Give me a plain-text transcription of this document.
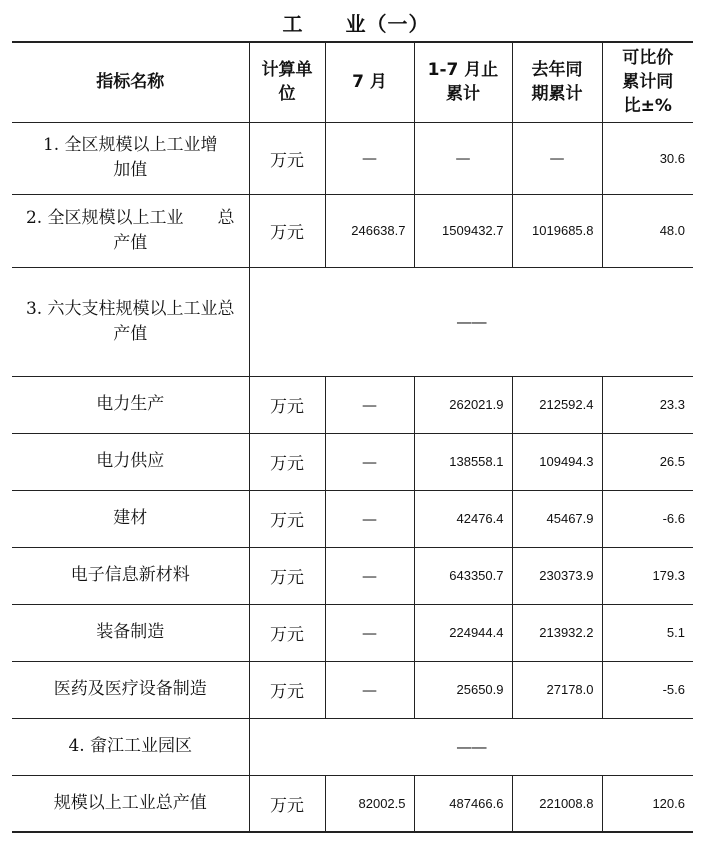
工　　业（一）
指标名称	计算单位	7 月	1-7 月止累计	去年同期累计	可比价累计同比±%

1. 全区规模以上工业增加值	万元	—	—	—	30.6

2. 全区规模以上工业　　总产值	万元	246638.7	1509432.7	1019685.8	48.0

3. 六大支柱规模以上工业总产值	——				
电力生产	万元	—	262021.9	212592.4	23.3
电力供应	万元	—	138558.1	109494.3	26.5
建材	万元	—	42476.4	45467.9	-6.6
电子信息新材料	万元	—	643350.7	230373.9	179.3
装备制造	万元	—	224944.4	213932.2	5.1
医药及医疗设备制造	万元	—	25650.9	27178.0	-5.6
4. 畲江工业园区	——				
规模以上工业总产值	万元	82002.5	487466.6	221008.8	120.6
